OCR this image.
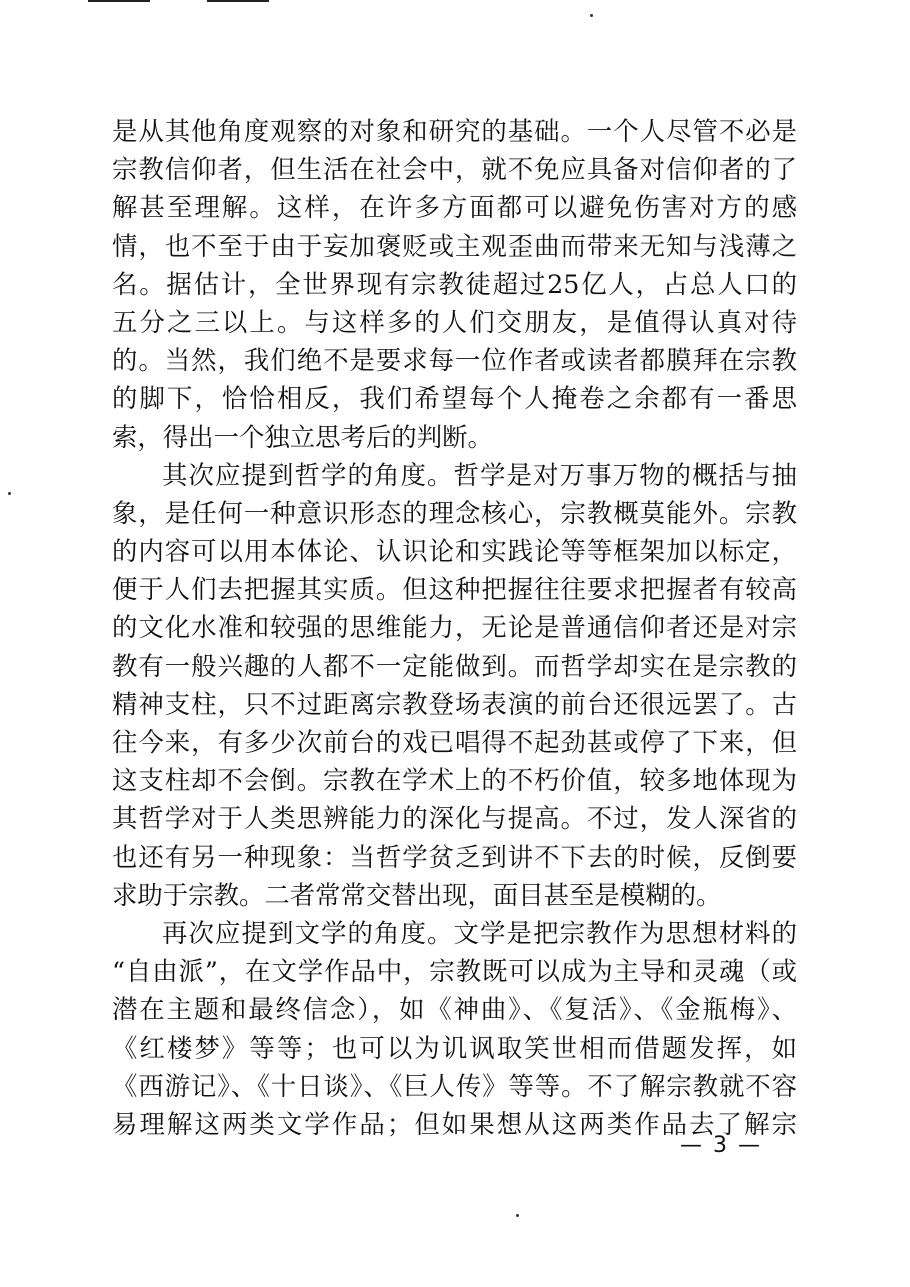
是从其他角度观察的对象和研究的基础。一个人尽管不必是
宗教信仰者，但生活在社会中，就不免应具备对信仰者的了
解甚至理解。这样，在许多方面都可以避免伤害对方的感
情，也不至于由于妄加褒贬或主观歪曲而带来无知与浅薄之
名。据估计，全世界现有宗教徒超过25亿人，占总人口的
五分之三以上。与这样多的人们交朋友，是值得认真对待
的。当然，我们绝不是要求每一位作者或读者都膜拜在宗教
的脚下，恰恰相反，我们希望每个人掩卷之余都有一番思
索，得出一个独立思考后的判断。
其次应提到哲学的角度。哲学是对万事万物的概括与抽
象，是任何一种意识形态的理念核心，宗教概莫能外。宗教
的内容可以用本体论、认识论和实践论等等框架加以标定，
便于人们去把握其实质。但这种把握往往要求把握者有较高
的文化水准和较强的思维能力，无论是普通信仰者还是对宗
教有一般兴趣的人都不一定能做到。而哲学却实在是宗教的
精神支柱，只不过距离宗教登场表演的前台还很远罢了。古
往今来，有多少次前台的戏已唱得不起劲甚或停了下来，但
这支柱却不会倒。宗教在学术上的不朽价值，较多地体现为
其哲学对于人类思辨能力的深化与提高。不过，发人深省的
也还有另一种现象：当哲学贫乏到讲不下去的时候，反倒要
求助于宗教。二者常常交替出现，面目甚至是模糊的。
再次应提到文学的角度。文学是把宗教作为思想材料的
“自由派”，在文学作品中，宗教既可以成为主导和灵魂（或
潜在主题和最终信念），如《神曲》、《复活》、《金瓶梅》、
《红楼梦》等等；也可以为讥讽取笑世相而借题发挥，如
《西游记》、《十日谈》、《巨人传》等等。不了解宗教就不容
易理解这两类文学作品；但如果想从这两类作品去了解宗
— 3 —
